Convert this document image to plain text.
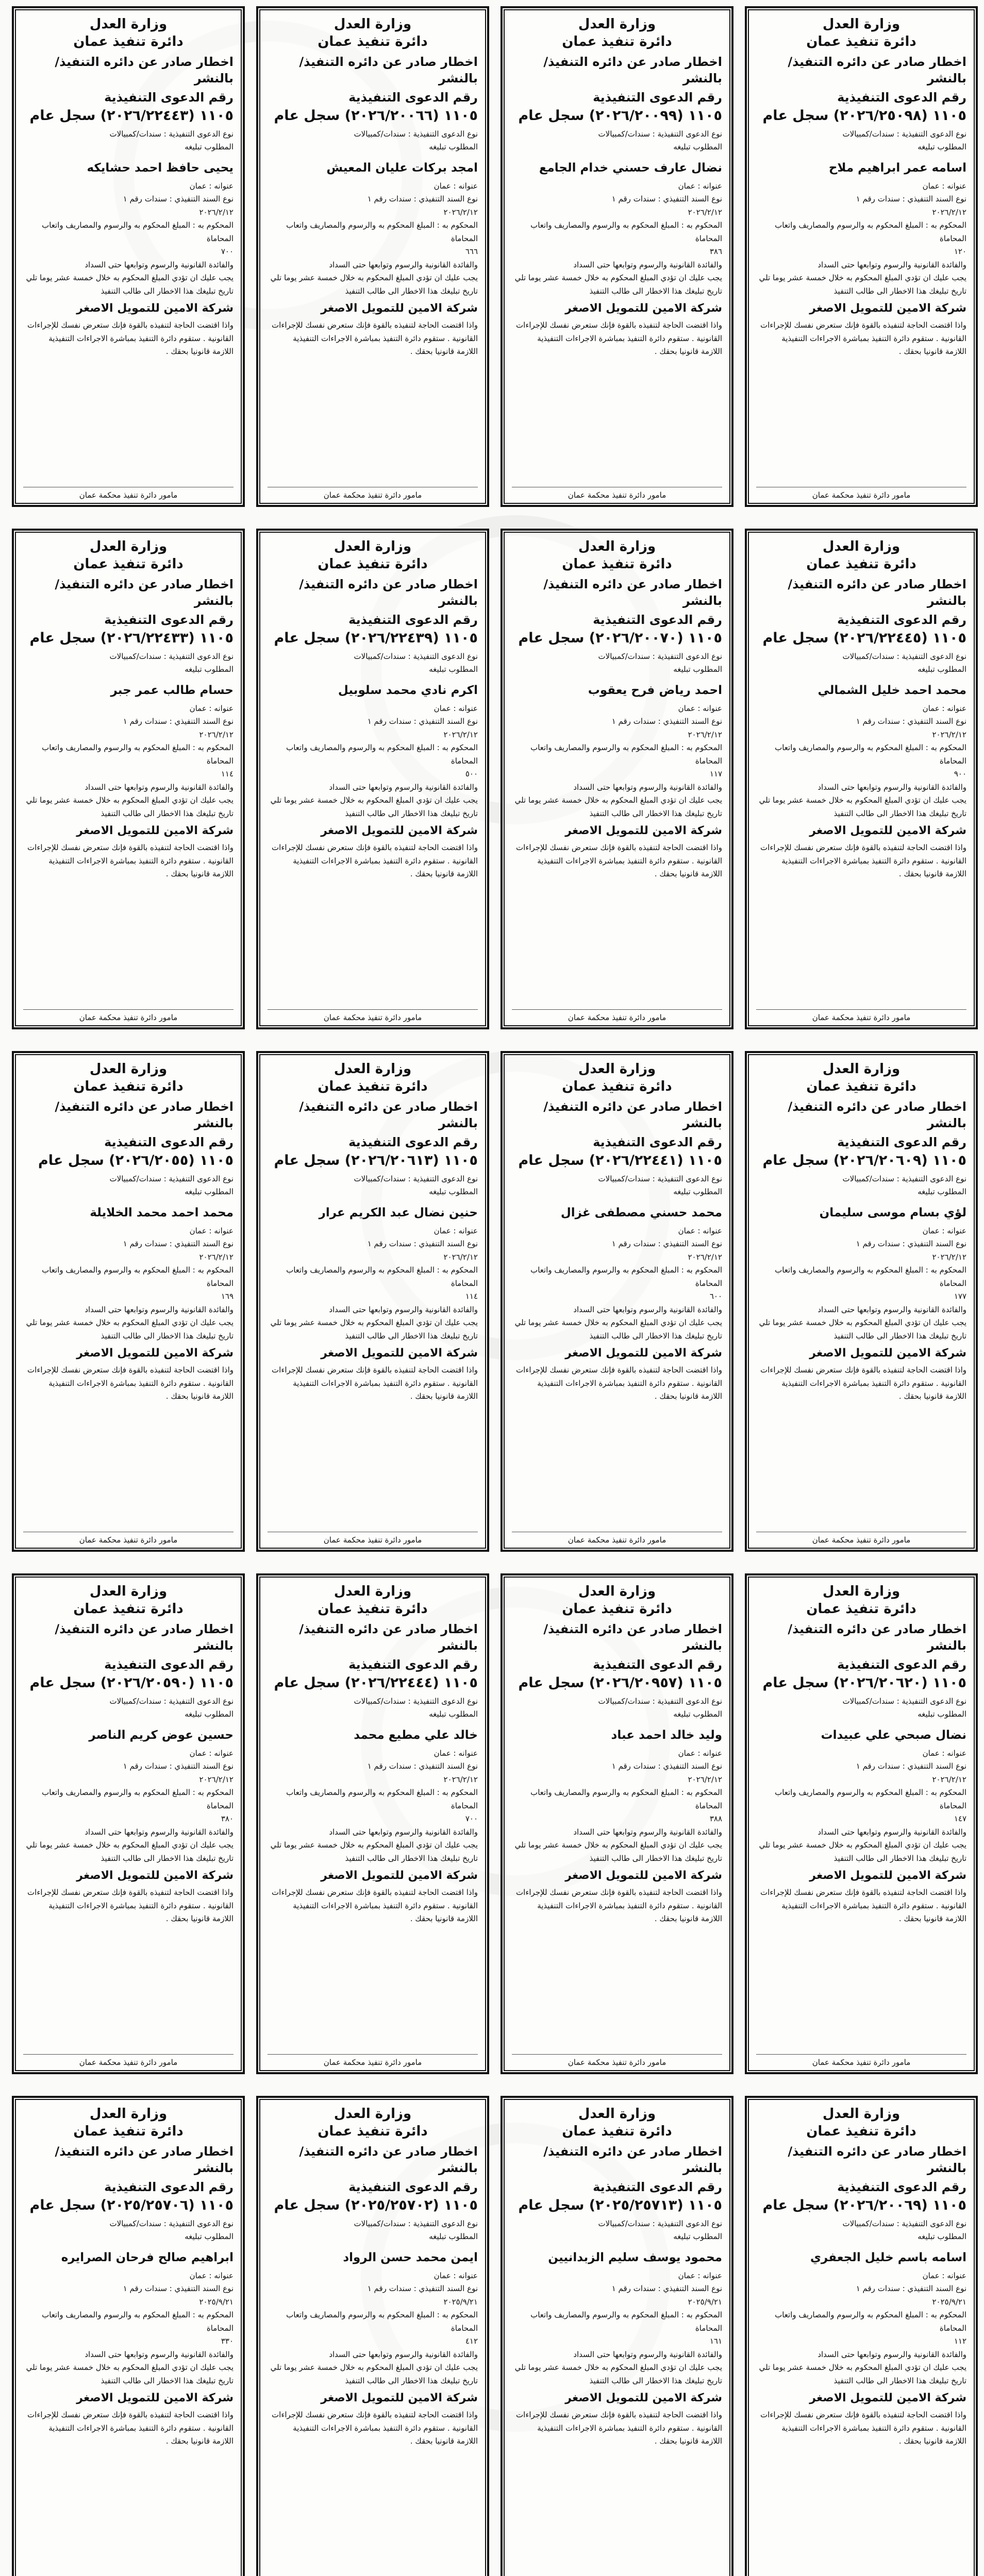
وزارة العدل
دائرة تنفيذ عمان
اخطار صادر عن دائره التنفيذ/ بالنشر
رقم الدعوى التنفيذية
١١٠٥ (٢٠٢٦/٢٥٠٩٨) سجل عام
نوع الدعوى التنفيذية : سندات/كمبيالات
المطلوب تبليغه
اسامه عمر ابراهيم ملاح
عنوانه : عمان
نوع السند التنفيذي : سندات رقم ١
٢٠٢٦/٢/١٢
المحكوم به : المبلغ المحكوم به والرسوم والمصاريف واتعاب المحاماة
١٢٠
والفائدة القانونية والرسوم وتوابعها حتى السداد
يجب عليك ان تؤدي المبلغ المحكوم به خلال خمسة عشر يوما تلي
تاريخ تبليغك هذا الاخطار الى طالب التنفيذ
شركة الامين للتمويل الاصغر
واذا اقتضت الحاجة لتنفيذه بالقوة فإنك ستعرض نفسك للإجراءات
القانونية . ستقوم دائرة التنفيذ بمباشرة الاجراءات التنفيذية
اللازمة قانونيا بحقك .
مامور دائرة تنفيذ محكمة عمان
وزارة العدل
دائرة تنفيذ عمان
اخطار صادر عن دائره التنفيذ/ بالنشر
رقم الدعوى التنفيذية
١١٠٥ (٢٠٢٦/٢٠٠٩٩) سجل عام
نوع الدعوى التنفيذية : سندات/كمبيالات
المطلوب تبليغه
نضال عارف حسني خدام الجامع
عنوانه : عمان
نوع السند التنفيذي : سندات رقم ١
٢٠٢٦/٢/١٢
المحكوم به : المبلغ المحكوم به والرسوم والمصاريف واتعاب المحاماة
٣٨٦
والفائدة القانونية والرسوم وتوابعها حتى السداد
يجب عليك ان تؤدي المبلغ المحكوم به خلال خمسة عشر يوما تلي
تاريخ تبليغك هذا الاخطار الى طالب التنفيذ
شركة الامين للتمويل الاصغر
واذا اقتضت الحاجة لتنفيذه بالقوة فإنك ستعرض نفسك للإجراءات
القانونية . ستقوم دائرة التنفيذ بمباشرة الاجراءات التنفيذية
اللازمة قانونيا بحقك .
مامور دائرة تنفيذ محكمة عمان
وزارة العدل
دائرة تنفيذ عمان
اخطار صادر عن دائره التنفيذ/ بالنشر
رقم الدعوى التنفيذية
١١٠٥ (٢٠٢٦/٢٠٠٦٦) سجل عام
نوع الدعوى التنفيذية : سندات/كمبيالات
المطلوب تبليغه
امجد بركات عليان المعيش
عنوانه : عمان
نوع السند التنفيذي : سندات رقم ١
٢٠٢٦/٢/١٢
المحكوم به : المبلغ المحكوم به والرسوم والمصاريف واتعاب المحاماة
٦٦٦
والفائدة القانونية والرسوم وتوابعها حتى السداد
يجب عليك ان تؤدي المبلغ المحكوم به خلال خمسة عشر يوما تلي
تاريخ تبليغك هذا الاخطار الى طالب التنفيذ
شركة الامين للتمويل الاصغر
واذا اقتضت الحاجة لتنفيذه بالقوة فإنك ستعرض نفسك للإجراءات
القانونية . ستقوم دائرة التنفيذ بمباشرة الاجراءات التنفيذية
اللازمة قانونيا بحقك .
مامور دائرة تنفيذ محكمة عمان
وزارة العدل
دائرة تنفيذ عمان
اخطار صادر عن دائره التنفيذ/ بالنشر
رقم الدعوى التنفيذية
١١٠٥ (٢٠٢٦/٢٢٤٤٣) سجل عام
نوع الدعوى التنفيذية : سندات/كمبيالات
المطلوب تبليغه
يحيى حافظ احمد حشايكه
عنوانه : عمان
نوع السند التنفيذي : سندات رقم ١
٢٠٢٦/٢/١٢
المحكوم به : المبلغ المحكوم به والرسوم والمصاريف واتعاب المحاماة
٧٠٠
والفائدة القانونية والرسوم وتوابعها حتى السداد
يجب عليك ان تؤدي المبلغ المحكوم به خلال خمسة عشر يوما تلي
تاريخ تبليغك هذا الاخطار الى طالب التنفيذ
شركة الامين للتمويل الاصغر
واذا اقتضت الحاجة لتنفيذه بالقوة فإنك ستعرض نفسك للإجراءات
القانونية . ستقوم دائرة التنفيذ بمباشرة الاجراءات التنفيذية
اللازمة قانونيا بحقك .
مامور دائرة تنفيذ محكمة عمان
وزارة العدل
دائرة تنفيذ عمان
اخطار صادر عن دائره التنفيذ/ بالنشر
رقم الدعوى التنفيذية
١١٠٥ (٢٠٢٦/٢٢٤٤٥) سجل عام
نوع الدعوى التنفيذية : سندات/كمبيالات
المطلوب تبليغه
محمد احمد خليل الشمالي
عنوانه : عمان
نوع السند التنفيذي : سندات رقم ١
٢٠٢٦/٢/١٢
المحكوم به : المبلغ المحكوم به والرسوم والمصاريف واتعاب المحاماة
٩٠٠
والفائدة القانونية والرسوم وتوابعها حتى السداد
يجب عليك ان تؤدي المبلغ المحكوم به خلال خمسة عشر يوما تلي
تاريخ تبليغك هذا الاخطار الى طالب التنفيذ
شركة الامين للتمويل الاصغر
واذا اقتضت الحاجة لتنفيذه بالقوة فإنك ستعرض نفسك للإجراءات
القانونية . ستقوم دائرة التنفيذ بمباشرة الاجراءات التنفيذية
اللازمة قانونيا بحقك .
مامور دائرة تنفيذ محكمة عمان
وزارة العدل
دائرة تنفيذ عمان
اخطار صادر عن دائره التنفيذ/ بالنشر
رقم الدعوى التنفيذية
١١٠٥ (٢٠٢٦/٢٠٠٧٠) سجل عام
نوع الدعوى التنفيذية : سندات/كمبيالات
المطلوب تبليغه
احمد رياض فرح يعقوب
عنوانه : عمان
نوع السند التنفيذي : سندات رقم ١
٢٠٢٦/٢/١٢
المحكوم به : المبلغ المحكوم به والرسوم والمصاريف واتعاب المحاماة
١١٧
والفائدة القانونية والرسوم وتوابعها حتى السداد
يجب عليك ان تؤدي المبلغ المحكوم به خلال خمسة عشر يوما تلي
تاريخ تبليغك هذا الاخطار الى طالب التنفيذ
شركة الامين للتمويل الاصغر
واذا اقتضت الحاجة لتنفيذه بالقوة فإنك ستعرض نفسك للإجراءات
القانونية . ستقوم دائرة التنفيذ بمباشرة الاجراءات التنفيذية
اللازمة قانونيا بحقك .
مامور دائرة تنفيذ محكمة عمان
وزارة العدل
دائرة تنفيذ عمان
اخطار صادر عن دائره التنفيذ/ بالنشر
رقم الدعوى التنفيذية
١١٠٥ (٢٠٢٦/٢٢٤٣٩) سجل عام
نوع الدعوى التنفيذية : سندات/كمبيالات
المطلوب تبليغه
اكرم نادي محمد سلوبيل
عنوانه : عمان
نوع السند التنفيذي : سندات رقم ١
٢٠٢٦/٢/١٢
المحكوم به : المبلغ المحكوم به والرسوم والمصاريف واتعاب المحاماة
٥٠٠
والفائدة القانونية والرسوم وتوابعها حتى السداد
يجب عليك ان تؤدي المبلغ المحكوم به خلال خمسة عشر يوما تلي
تاريخ تبليغك هذا الاخطار الى طالب التنفيذ
شركة الامين للتمويل الاصغر
واذا اقتضت الحاجة لتنفيذه بالقوة فإنك ستعرض نفسك للإجراءات
القانونية . ستقوم دائرة التنفيذ بمباشرة الاجراءات التنفيذية
اللازمة قانونيا بحقك .
مامور دائرة تنفيذ محكمة عمان
وزارة العدل
دائرة تنفيذ عمان
اخطار صادر عن دائره التنفيذ/ بالنشر
رقم الدعوى التنفيذية
١١٠٥ (٢٠٢٦/٢٢٤٣٣) سجل عام
نوع الدعوى التنفيذية : سندات/كمبيالات
المطلوب تبليغه
حسام طالب عمر جبر
عنوانه : عمان
نوع السند التنفيذي : سندات رقم ١
٢٠٢٦/٢/١٢
المحكوم به : المبلغ المحكوم به والرسوم والمصاريف واتعاب المحاماة
١١٤
والفائدة القانونية والرسوم وتوابعها حتى السداد
يجب عليك ان تؤدي المبلغ المحكوم به خلال خمسة عشر يوما تلي
تاريخ تبليغك هذا الاخطار الى طالب التنفيذ
شركة الامين للتمويل الاصغر
واذا اقتضت الحاجة لتنفيذه بالقوة فإنك ستعرض نفسك للإجراءات
القانونية . ستقوم دائرة التنفيذ بمباشرة الاجراءات التنفيذية
اللازمة قانونيا بحقك .
مامور دائرة تنفيذ محكمة عمان
وزارة العدل
دائرة تنفيذ عمان
اخطار صادر عن دائره التنفيذ/ بالنشر
رقم الدعوى التنفيذية
١١٠٥ (٢٠٢٦/٢٠٦٠٩) سجل عام
نوع الدعوى التنفيذية : سندات/كمبيالات
المطلوب تبليغه
لؤي بسام موسى سليمان
عنوانه : عمان
نوع السند التنفيذي : سندات رقم ١
٢٠٢٦/٢/١٢
المحكوم به : المبلغ المحكوم به والرسوم والمصاريف واتعاب المحاماة
١٧٧
والفائدة القانونية والرسوم وتوابعها حتى السداد
يجب عليك ان تؤدي المبلغ المحكوم به خلال خمسة عشر يوما تلي
تاريخ تبليغك هذا الاخطار الى طالب التنفيذ
شركة الامين للتمويل الاصغر
واذا اقتضت الحاجة لتنفيذه بالقوة فإنك ستعرض نفسك للإجراءات
القانونية . ستقوم دائرة التنفيذ بمباشرة الاجراءات التنفيذية
اللازمة قانونيا بحقك .
مامور دائرة تنفيذ محكمة عمان
وزارة العدل
دائرة تنفيذ عمان
اخطار صادر عن دائره التنفيذ/ بالنشر
رقم الدعوى التنفيذية
١١٠٥ (٢٠٢٦/٢٢٤٤١) سجل عام
نوع الدعوى التنفيذية : سندات/كمبيالات
المطلوب تبليغه
محمد حسني مصطفى غزال
عنوانه : عمان
نوع السند التنفيذي : سندات رقم ١
٢٠٢٦/٢/١٢
المحكوم به : المبلغ المحكوم به والرسوم والمصاريف واتعاب المحاماة
٦٠٠
والفائدة القانونية والرسوم وتوابعها حتى السداد
يجب عليك ان تؤدي المبلغ المحكوم به خلال خمسة عشر يوما تلي
تاريخ تبليغك هذا الاخطار الى طالب التنفيذ
شركة الامين للتمويل الاصغر
واذا اقتضت الحاجة لتنفيذه بالقوة فإنك ستعرض نفسك للإجراءات
القانونية . ستقوم دائرة التنفيذ بمباشرة الاجراءات التنفيذية
اللازمة قانونيا بحقك .
مامور دائرة تنفيذ محكمة عمان
وزارة العدل
دائرة تنفيذ عمان
اخطار صادر عن دائره التنفيذ/ بالنشر
رقم الدعوى التنفيذية
١١٠٥ (٢٠٢٦/٢٠٦١٣) سجل عام
نوع الدعوى التنفيذية : سندات/كمبيالات
المطلوب تبليغه
حنين نضال عبد الكريم عرار
عنوانه : عمان
نوع السند التنفيذي : سندات رقم ١
٢٠٢٦/٢/١٢
المحكوم به : المبلغ المحكوم به والرسوم والمصاريف واتعاب المحاماة
١١٤
والفائدة القانونية والرسوم وتوابعها حتى السداد
يجب عليك ان تؤدي المبلغ المحكوم به خلال خمسة عشر يوما تلي
تاريخ تبليغك هذا الاخطار الى طالب التنفيذ
شركة الامين للتمويل الاصغر
واذا اقتضت الحاجة لتنفيذه بالقوة فإنك ستعرض نفسك للإجراءات
القانونية . ستقوم دائرة التنفيذ بمباشرة الاجراءات التنفيذية
اللازمة قانونيا بحقك .
مامور دائرة تنفيذ محكمة عمان
وزارة العدل
دائرة تنفيذ عمان
اخطار صادر عن دائره التنفيذ/ بالنشر
رقم الدعوى التنفيذية
١١٠٥ (٢٠٢٦/٢٠٥٥) سجل عام
نوع الدعوى التنفيذية : سندات/كمبيالات
المطلوب تبليغه
محمد احمد محمد الخلايلة
عنوانه : عمان
نوع السند التنفيذي : سندات رقم ١
٢٠٢٦/٢/١٢
المحكوم به : المبلغ المحكوم به والرسوم والمصاريف واتعاب المحاماة
١٦٩
والفائدة القانونية والرسوم وتوابعها حتى السداد
يجب عليك ان تؤدي المبلغ المحكوم به خلال خمسة عشر يوما تلي
تاريخ تبليغك هذا الاخطار الى طالب التنفيذ
شركة الامين للتمويل الاصغر
واذا اقتضت الحاجة لتنفيذه بالقوة فإنك ستعرض نفسك للإجراءات
القانونية . ستقوم دائرة التنفيذ بمباشرة الاجراءات التنفيذية
اللازمة قانونيا بحقك .
مامور دائرة تنفيذ محكمة عمان
وزارة العدل
دائرة تنفيذ عمان
اخطار صادر عن دائره التنفيذ/ بالنشر
رقم الدعوى التنفيذية
١١٠٥ (٢٠٢٦/٢٠٦٢٠) سجل عام
نوع الدعوى التنفيذية : سندات/كمبيالات
المطلوب تبليغه
نضال صبحي علي عبيدات
عنوانه : عمان
نوع السند التنفيذي : سندات رقم ١
٢٠٢٦/٢/١٢
المحكوم به : المبلغ المحكوم به والرسوم والمصاريف واتعاب المحاماة
١٤٧
والفائدة القانونية والرسوم وتوابعها حتى السداد
يجب عليك ان تؤدي المبلغ المحكوم به خلال خمسة عشر يوما تلي
تاريخ تبليغك هذا الاخطار الى طالب التنفيذ
شركة الامين للتمويل الاصغر
واذا اقتضت الحاجة لتنفيذه بالقوة فإنك ستعرض نفسك للإجراءات
القانونية . ستقوم دائرة التنفيذ بمباشرة الاجراءات التنفيذية
اللازمة قانونيا بحقك .
مامور دائرة تنفيذ محكمة عمان
وزارة العدل
دائرة تنفيذ عمان
اخطار صادر عن دائره التنفيذ/ بالنشر
رقم الدعوى التنفيذية
١١٠٥ (٢٠٢٦/٢٠٩٥٧) سجل عام
نوع الدعوى التنفيذية : سندات/كمبيالات
المطلوب تبليغه
وليد خالد احمد عباد
عنوانه : عمان
نوع السند التنفيذي : سندات رقم ١
٢٠٢٦/٢/١٢
المحكوم به : المبلغ المحكوم به والرسوم والمصاريف واتعاب المحاماة
٣٨٨
والفائدة القانونية والرسوم وتوابعها حتى السداد
يجب عليك ان تؤدي المبلغ المحكوم به خلال خمسة عشر يوما تلي
تاريخ تبليغك هذا الاخطار الى طالب التنفيذ
شركة الامين للتمويل الاصغر
واذا اقتضت الحاجة لتنفيذه بالقوة فإنك ستعرض نفسك للإجراءات
القانونية . ستقوم دائرة التنفيذ بمباشرة الاجراءات التنفيذية
اللازمة قانونيا بحقك .
مامور دائرة تنفيذ محكمة عمان
وزارة العدل
دائرة تنفيذ عمان
اخطار صادر عن دائره التنفيذ/ بالنشر
رقم الدعوى التنفيذية
١١٠٥ (٢٠٢٦/٢٢٤٤٤) سجل عام
نوع الدعوى التنفيذية : سندات/كمبيالات
المطلوب تبليغه
خالد علي مطيع محمد
عنوانه : عمان
نوع السند التنفيذي : سندات رقم ١
٢٠٢٦/٢/١٢
المحكوم به : المبلغ المحكوم به والرسوم والمصاريف واتعاب المحاماة
٧٠٠
والفائدة القانونية والرسوم وتوابعها حتى السداد
يجب عليك ان تؤدي المبلغ المحكوم به خلال خمسة عشر يوما تلي
تاريخ تبليغك هذا الاخطار الى طالب التنفيذ
شركة الامين للتمويل الاصغر
واذا اقتضت الحاجة لتنفيذه بالقوة فإنك ستعرض نفسك للإجراءات
القانونية . ستقوم دائرة التنفيذ بمباشرة الاجراءات التنفيذية
اللازمة قانونيا بحقك .
مامور دائرة تنفيذ محكمة عمان
وزارة العدل
دائرة تنفيذ عمان
اخطار صادر عن دائره التنفيذ/ بالنشر
رقم الدعوى التنفيذية
١١٠٥ (٢٠٢٦/٢٠٥٩٠) سجل عام
نوع الدعوى التنفيذية : سندات/كمبيالات
المطلوب تبليغه
حسين عوض كريم الناصر
عنوانه : عمان
نوع السند التنفيذي : سندات رقم ١
٢٠٢٦/٢/١٢
المحكوم به : المبلغ المحكوم به والرسوم والمصاريف واتعاب المحاماة
٣٨٠
والفائدة القانونية والرسوم وتوابعها حتى السداد
يجب عليك ان تؤدي المبلغ المحكوم به خلال خمسة عشر يوما تلي
تاريخ تبليغك هذا الاخطار الى طالب التنفيذ
شركة الامين للتمويل الاصغر
واذا اقتضت الحاجة لتنفيذه بالقوة فإنك ستعرض نفسك للإجراءات
القانونية . ستقوم دائرة التنفيذ بمباشرة الاجراءات التنفيذية
اللازمة قانونيا بحقك .
مامور دائرة تنفيذ محكمة عمان
وزارة العدل
دائرة تنفيذ عمان
اخطار صادر عن دائره التنفيذ/ بالنشر
رقم الدعوى التنفيذية
١١٠٥ (٢٠٢٦/٢٠٠٦٩) سجل عام
نوع الدعوى التنفيذية : سندات/كمبيالات
المطلوب تبليغه
اسامه باسم خليل الجعفري
عنوانه : عمان
نوع السند التنفيذي : سندات رقم ١
٢٠٢٥/٩/٢١
المحكوم به : المبلغ المحكوم به والرسوم والمصاريف واتعاب المحاماة
١١٢
والفائدة القانونية والرسوم وتوابعها حتى السداد
يجب عليك ان تؤدي المبلغ المحكوم به خلال خمسة عشر يوما تلي
تاريخ تبليغك هذا الاخطار الى طالب التنفيذ
شركة الامين للتمويل الاصغر
واذا اقتضت الحاجة لتنفيذه بالقوة فإنك ستعرض نفسك للإجراءات
القانونية . ستقوم دائرة التنفيذ بمباشرة الاجراءات التنفيذية
اللازمة قانونيا بحقك .
وزارة العدل
دائرة تنفيذ عمان
اخطار صادر عن دائره التنفيذ/ بالنشر
رقم الدعوى التنفيذية
١١٠٥ (٢٠٢٥/٢٥٧١٣) سجل عام
نوع الدعوى التنفيذية : سندات/كمبيالات
المطلوب تبليغه
محمود يوسف سليم الزبدانيين
عنوانه : عمان
نوع السند التنفيذي : سندات رقم ١
٢٠٢٥/٩/٢١
المحكوم به : المبلغ المحكوم به والرسوم والمصاريف واتعاب المحاماة
١٦١
والفائدة القانونية والرسوم وتوابعها حتى السداد
يجب عليك ان تؤدي المبلغ المحكوم به خلال خمسة عشر يوما تلي
تاريخ تبليغك هذا الاخطار الى طالب التنفيذ
شركة الامين للتمويل الاصغر
واذا اقتضت الحاجة لتنفيذه بالقوة فإنك ستعرض نفسك للإجراءات
القانونية . ستقوم دائرة التنفيذ بمباشرة الاجراءات التنفيذية
اللازمة قانونيا بحقك .
وزارة العدل
دائرة تنفيذ عمان
اخطار صادر عن دائره التنفيذ/ بالنشر
رقم الدعوى التنفيذية
١١٠٥ (٢٠٢٥/٢٥٧٠٢) سجل عام
نوع الدعوى التنفيذية : سندات/كمبيالات
المطلوب تبليغه
ايمن محمد حسن الرواد
عنوانه : عمان
نوع السند التنفيذي : سندات رقم ١
٢٠٢٥/٩/٢١
المحكوم به : المبلغ المحكوم به والرسوم والمصاريف واتعاب المحاماة
٤١٢
والفائدة القانونية والرسوم وتوابعها حتى السداد
يجب عليك ان تؤدي المبلغ المحكوم به خلال خمسة عشر يوما تلي
تاريخ تبليغك هذا الاخطار الى طالب التنفيذ
شركة الامين للتمويل الاصغر
واذا اقتضت الحاجة لتنفيذه بالقوة فإنك ستعرض نفسك للإجراءات
القانونية . ستقوم دائرة التنفيذ بمباشرة الاجراءات التنفيذية
اللازمة قانونيا بحقك .
وزارة العدل
دائرة تنفيذ عمان
اخطار صادر عن دائره التنفيذ/ بالنشر
رقم الدعوى التنفيذية
١١٠٥ (٢٠٢٥/٢٥٧٠٦) سجل عام
نوع الدعوى التنفيذية : سندات/كمبيالات
المطلوب تبليغه
ابراهيم صالح فرحان الصرايره
عنوانه : عمان
نوع السند التنفيذي : سندات رقم ١
٢٠٢٥/٩/٢١
المحكوم به : المبلغ المحكوم به والرسوم والمصاريف واتعاب المحاماة
٣٣٠
والفائدة القانونية والرسوم وتوابعها حتى السداد
يجب عليك ان تؤدي المبلغ المحكوم به خلال خمسة عشر يوما تلي
تاريخ تبليغك هذا الاخطار الى طالب التنفيذ
شركة الامين للتمويل الاصغر
واذا اقتضت الحاجة لتنفيذه بالقوة فإنك ستعرض نفسك للإجراءات
القانونية . ستقوم دائرة التنفيذ بمباشرة الاجراءات التنفيذية
اللازمة قانونيا بحقك .
